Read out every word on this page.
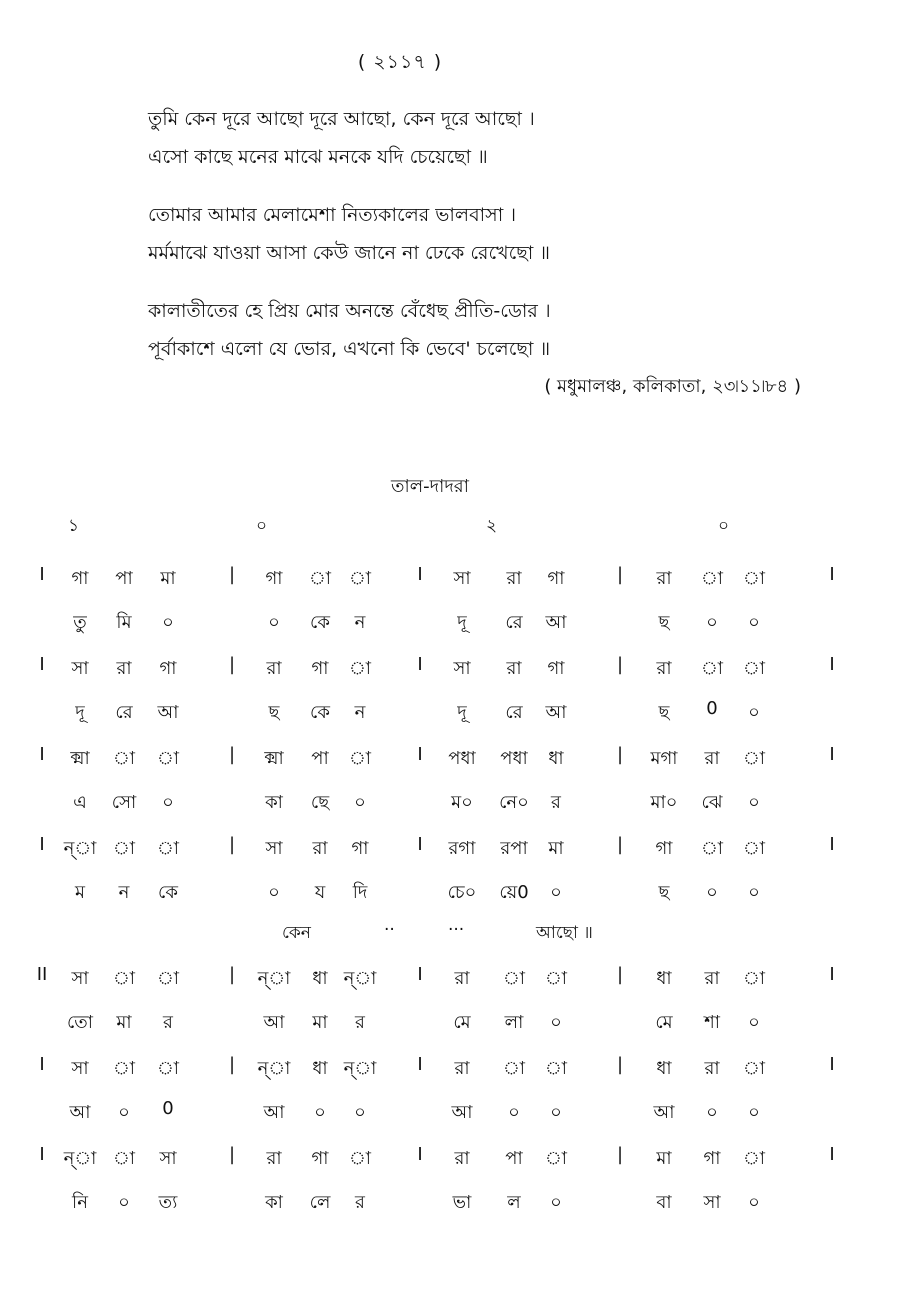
( ২১১৭ )
তুমি কেন দূরে আছো দূরে আছো, কেন দূরে আছো ।
এসো কাছে মনের মাঝে মনকে যদি চেয়েছো ॥
তোমার আমার মেলামেশা নিত্যকালের ভালবাসা ।
মর্মমাঝে যাওয়া আসা কেউ জানে না ঢেকে রেখেছো ॥
কালাতীতের হে প্রিয় মোর অনন্তে বেঁধেছ প্রীতি-ডোর ।
পূর্বাকাশে এলো যে ভোর, এখনো কি ভেবে' চলেছো ॥
( মধুমালঞ্চ, কলিকাতা, ২৩৷১১৷৮৪ )
তাল-দাদরা
১	০	২	০
I	গা	পা	মা	|	গা	া া	I	সা	রা	গা	|	রা	া	া	I
তু	মি	০	০	কে	ন	দূ	রে	আ	ছ	০	০
I	সা	রা	গা	|	রা	গা	া	I	সা	রা	গা	|	রা	া	া	I
দূ	রে	আ	ছ	কে	ন	দূ	রে	আ	ছ	0	০
I	ক্মা	া	া	|	ক্মা	পা	া	I	পধা	পধা	ধা	|	মগা	রা	া	I
এ	সো	০	কা	ছে	০	ম০	নে০	র	মা০	ঝে	০
I	ন্া া	া	|	সা	রা	গা	I	রগা	রপা	মা	|	গা	া	া	I
ম	ন	কে	০	য	দি	চে০	য়ে0	০	ছ	০	০
কেন	··	···	আছো ॥
II	সা	া	া	|	ন্া	ধা ন্া	I	রা	া	া	|	ধা	রা	া	I
তো	মা	র	আ	মা	র	মে	লা	০	মে	শা	০
I	সা	া	া	|	ন্া	ধা ন্া	I	রা	া	া	|	ধা	রা	া	I
আ	০	0	আ	০	০	আ	০	০	আ	০	০
I	ন্া া	সা	|	রা	গা	া	I	রা	পা	া	|	মা	গা	া	I
নি	০	ত্য	কা	লে	র	ভা	ল	০	বা	সা	০
